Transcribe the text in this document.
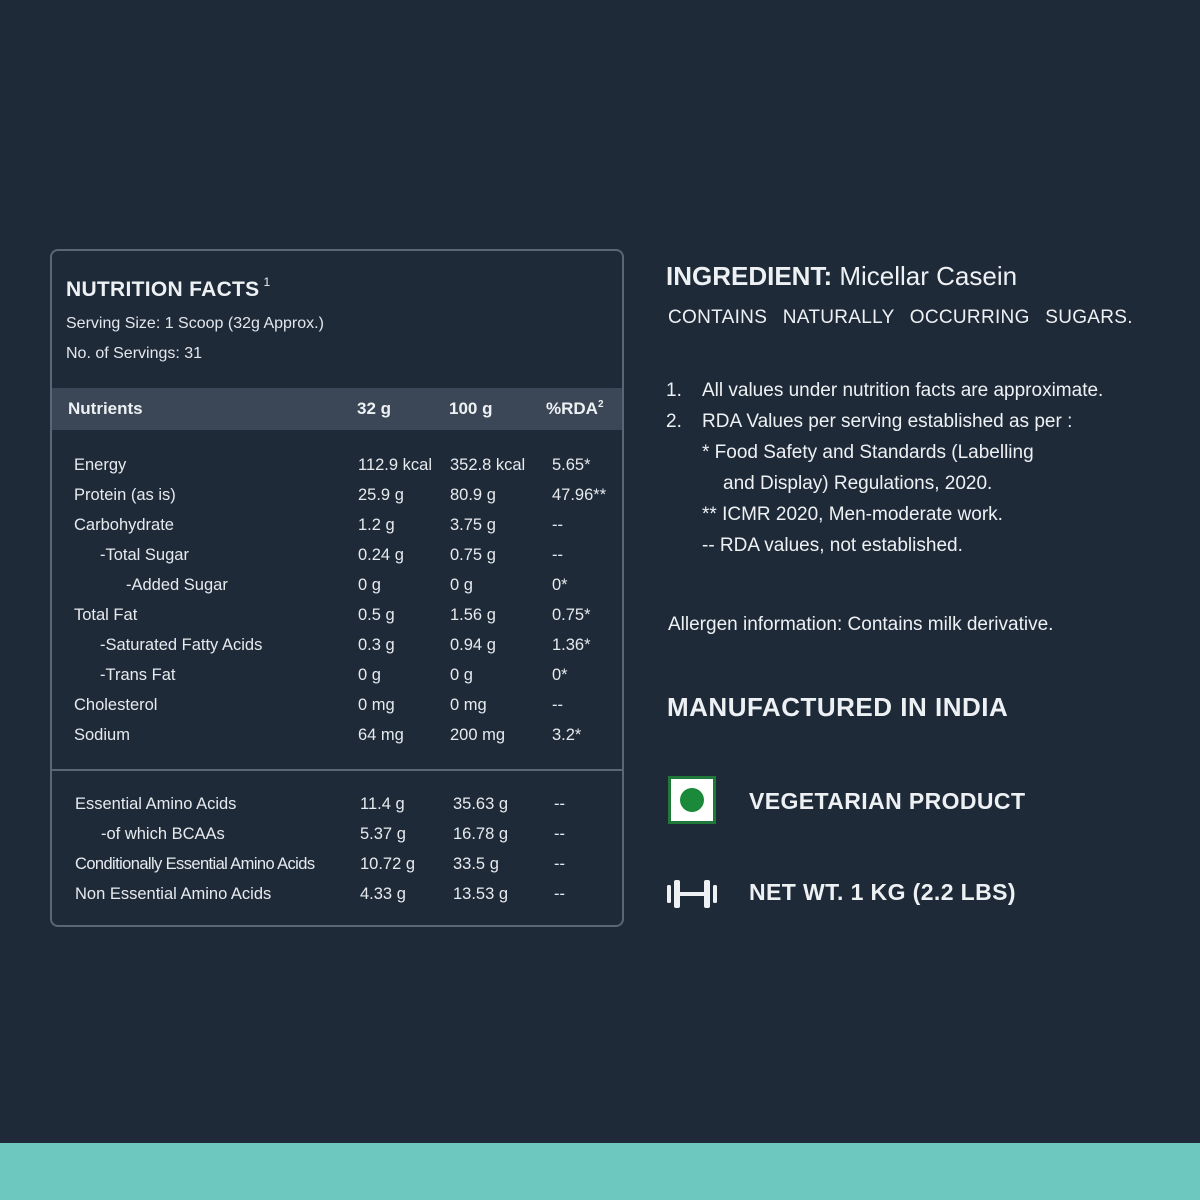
NUTRITION FACTS $^1$
Serving Size: 1 Scoop (32g Approx.)
No. of Servings: 31
Nutrients	32 g	100 g	%RDA$^2$
Energy	112.9 kcal 352.8 kcal 5.65*
Protein (as is)	25.9 g	80.9 g	47.96**
Carbohydrate	1.2 g	3.75 g	--
-Total Sugar	0.24 g	0.75 g	--
-Added Sugar	0 g	0 g	0*
Total Fat	0.5 g	1.56 g	0.75*
-Saturated Fatty Acids	0.3 g	0.94 g	1.36*
-Trans Fat	0 g	0 g	0*
Cholesterol	0 mg	0 mg	--
Sodium	64 mg	200 mg	3.2*
Essential Amino Acids	11.4 g	35.63 g	--
-of which BCAAs	5.37 g	16.78 g	--
Conditionally Essential Amino Acids	10.72 g 33.5 g	--
Non Essential Amino Acids	4.33 g	13.53 g	--
INGREDIENT: Micellar Casein
CONTAINS NATURALLY OCCURRING SUGARS.
1. All values under nutrition facts are approximate.
2. RDA Values per serving established as per :
* Food Safety and Standards (Labelling
and Display) Regulations, 2020.
** ICMR 2020, Men-moderate work.
-- RDA values, not established.
Allergen information: Contains milk derivative.
MANUFACTURED IN INDIA
VEGETARIAN PRODUCT
NET WT. 1 KG (2.2 LBS)
